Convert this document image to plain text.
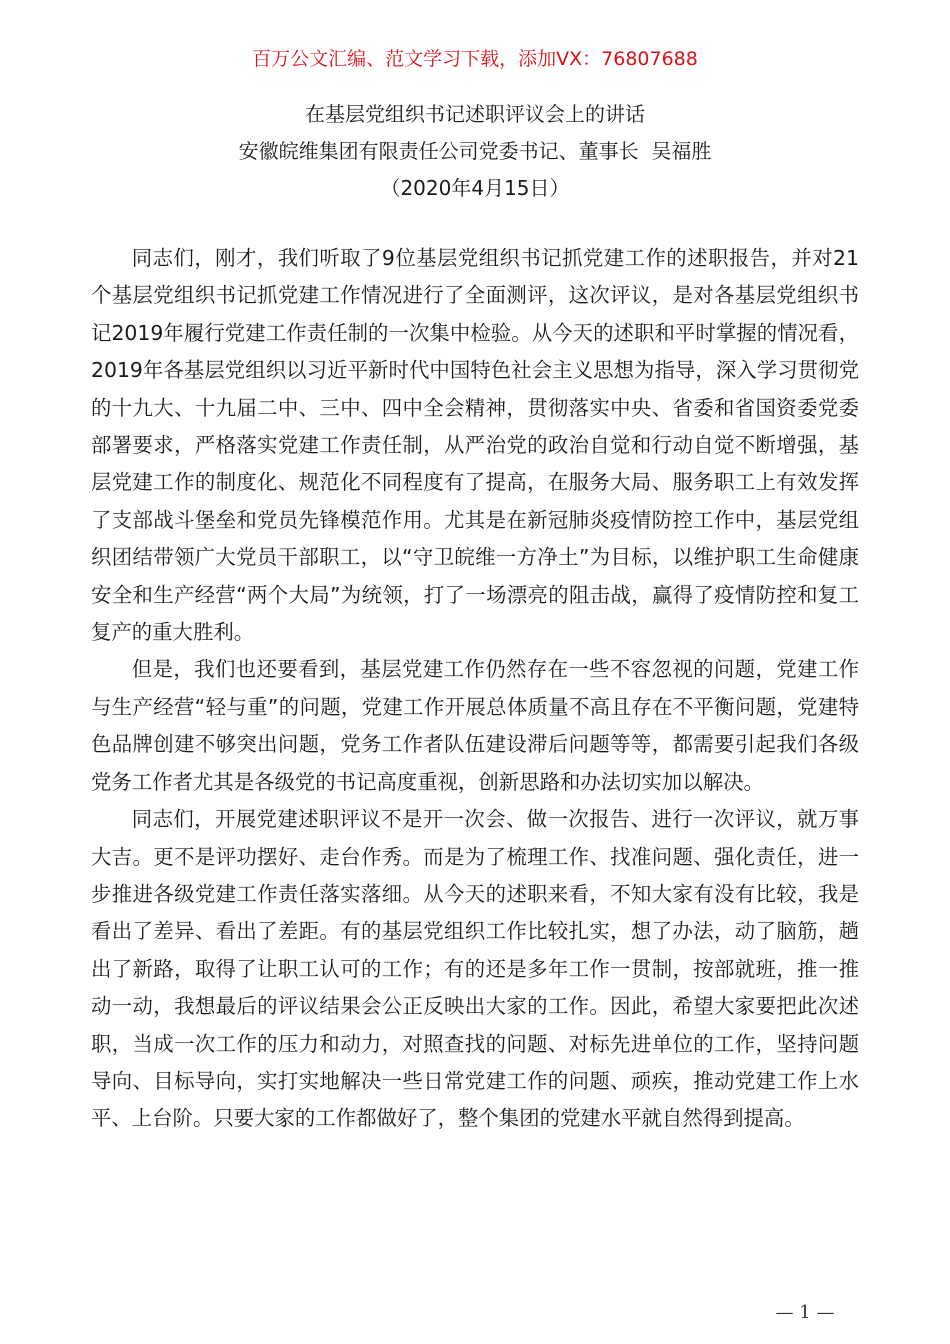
百万公文汇编、范文学习下载，添加VX：76807688
在基层党组织书记述职评议会上的讲话
安徽皖维集团有限责任公司党委书记、董事长  吴福胜
（2020年4月15日）

同志们，刚才，我们听取了9位基层党组织书记抓党建工作的述职报告，并对21个基层党组织书记抓党建工作情况进行了全面测评，这次评议，是对各基层党组织书记2019年履行党建工作责任制的一次集中检验。从今天的述职和平时掌握的情况看，2019年各基层党组织以习近平新时代中国特色社会主义思想为指导，深入学习贯彻党的十九大、十九届二中、三中、四中全会精神，贯彻落实中央、省委和省国资委党委部署要求，严格落实党建工作责任制，从严治党的政治自觉和行动自觉不断增强，基层党建工作的制度化、规范化不同程度有了提高，在服务大局、服务职工上有效发挥了支部战斗堡垒和党员先锋模范作用。尤其是在新冠肺炎疫情防控工作中，基层党组织团结带领广大党员干部职工，以“守卫皖维一方净土”为目标，以维护职工生命健康安全和生产经营“两个大局”为统领，打了一场漂亮的阻击战，赢得了疫情防控和复工复产的重大胜利。

但是，我们也还要看到，基层党建工作仍然存在一些不容忽视的问题，党建工作与生产经营“轻与重”的问题，党建工作开展总体质量不高且存在不平衡问题，党建特色品牌创建不够突出问题，党务工作者队伍建设滞后问题等等，都需要引起我们各级党务工作者尤其是各级党的书记高度重视，创新思路和办法切实加以解决。

同志们，开展党建述职评议不是开一次会、做一次报告、进行一次评议，就万事大吉。更不是评功摆好、走台作秀。而是为了梳理工作、找准问题、强化责任，进一步推进各级党建工作责任落实落细。从今天的述职来看，不知大家有没有比较，我是看出了差异、看出了差距。有的基层党组织工作比较扎实，想了办法，动了脑筋，趟出了新路，取得了让职工认可的工作；有的还是多年工作一贯制，按部就班，推一推动一动，我想最后的评议结果会公正反映出大家的工作。因此，希望大家要把此次述职，当成一次工作的压力和动力，对照查找的问题、对标先进单位的工作，坚持问题导向、目标导向，实打实地解决一些日常党建工作的问题、顽疾，推动党建工作上水平、上台阶。只要大家的工作都做好了，整个集团的党建水平就自然得到提高。

— 1 —
